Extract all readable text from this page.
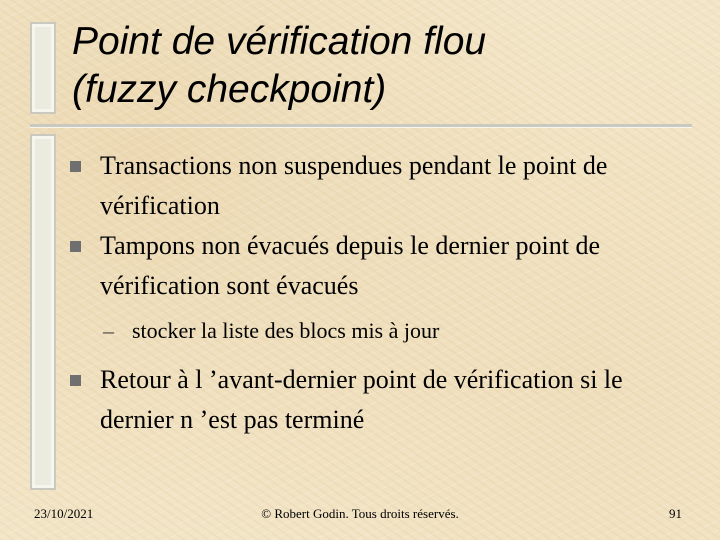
Point de vérification flou
(fuzzy checkpoint)

Transactions non suspendues pendant le point de vérification

Tampons non évacués depuis le dernier point de vérification sont évacués

– stocker la liste des blocs mis à jour

Retour à l ’avant-dernier point de vérification si le dernier n ’est pas terminé

23/10/2021	© Robert Godin. Tous droits réservés.	91
